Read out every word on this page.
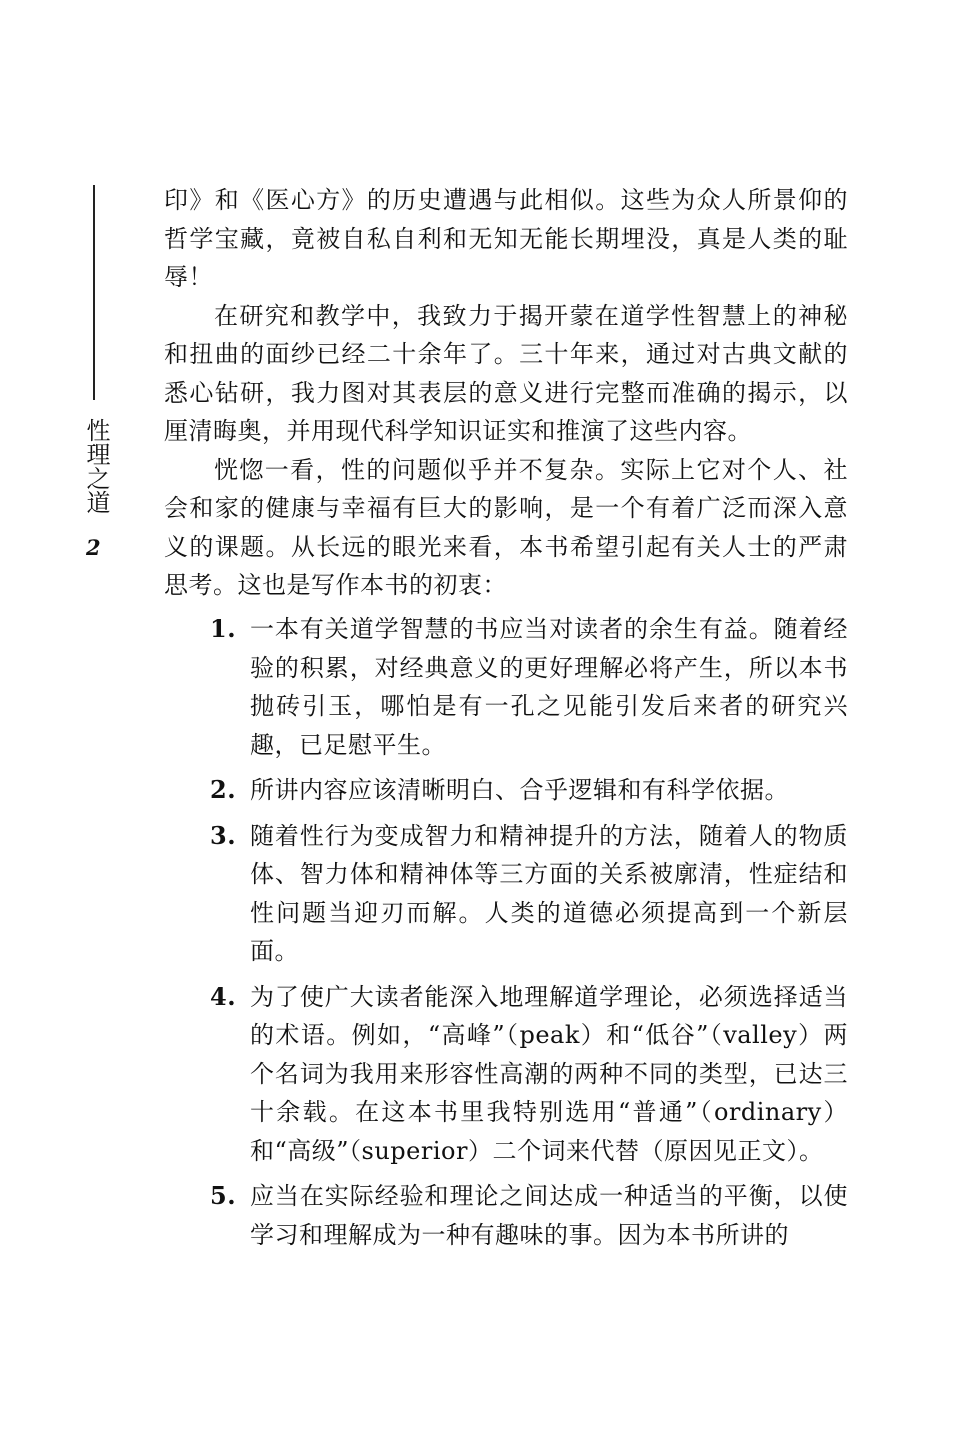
性理之道
2

印》和《医心方》的历史遭遇与此相似。这些为众人所景仰的哲学宝藏，竟被自私自利和无知无能长期埋没，真是人类的耻辱！

在研究和教学中，我致力于揭开蒙在道学性智慧上的神秘和扭曲的面纱已经二十余年了。三十年来，通过对古典文献的悉心钻研，我力图对其表层的意义进行完整而准确的揭示，以厘清晦奥，并用现代科学知识证实和推演了这些内容。

恍惚一看，性的问题似乎并不复杂。实际上它对个人、社会和家的健康与幸福有巨大的影响，是一个有着广泛而深入意义的课题。从长远的眼光来看，本书希望引起有关人士的严肃思考。这也是写作本书的初衷：

1. 一本有关道学智慧的书应当对读者的余生有益。随着经验的积累，对经典意义的更好理解必将产生，所以本书抛砖引玉，哪怕是有一孔之见能引发后来者的研究兴趣，已足慰平生。
2. 所讲内容应该清晰明白、合乎逻辑和有科学依据。
3. 随着性行为变成智力和精神提升的方法，随着人的物质体、智力体和精神体等三方面的关系被廓清，性症结和性问题当迎刃而解。人类的道德必须提高到一个新层面。
4. 为了使广大读者能深入地理解道学理论，必须选择适当的术语。例如，“高峰”（peak）和“低谷”（valley）两个名词为我用来形容性高潮的两种不同的类型，已达三十余载。在这本书里我特别选用“普通”（ordinary）和“高级”（superior）二个词来代替（原因见正文）。
5. 应当在实际经验和理论之间达成一种适当的平衡，以使学习和理解成为一种有趣味的事。因为本书所讲的
